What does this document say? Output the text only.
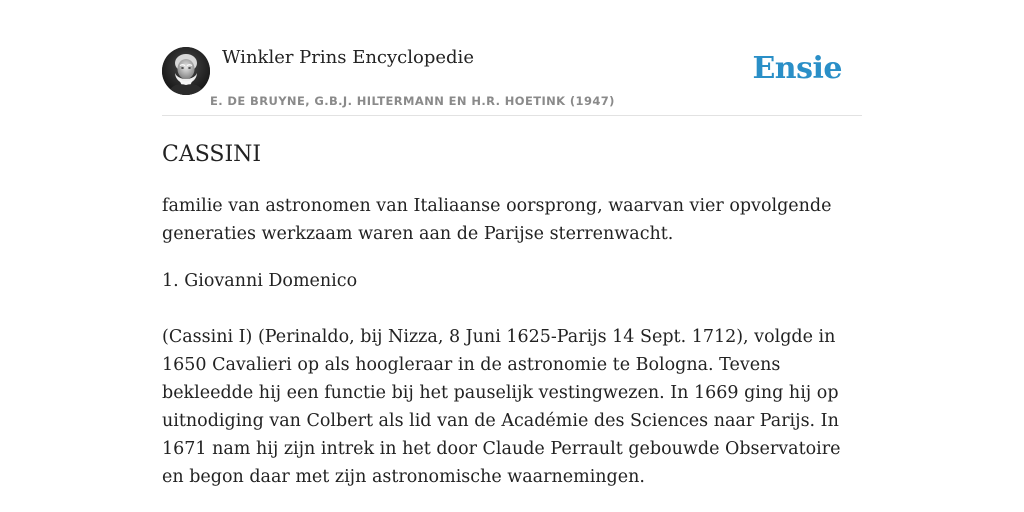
Winkler Prins Encyclopedie
E. DE BRUYNE, G.B.J. HILTERMANN EN H.R. HOETINK (1947)
Ensie
CASSINI

familie van astronomen van Italiaanse oorsprong, waarvan vier opvolgende generaties werkzaam waren aan de Parijse sterrenwacht.

1. Giovanni Domenico

(Cassini I) (Perinaldo, bij Nizza, 8 Juni 1625-Parijs 14 Sept. 1712), volgde in 1650 Cavalieri op als hoogleraar in de astronomie te Bologna. Tevens bekleedde hij een functie bij het pauselijk vestingwezen. In 1669 ging hij op uitnodiging van Colbert als lid van de Académie des Sciences naar Parijs. In 1671 nam hij zijn intrek in het door Claude Perrault gebouwde Observatoire en begon daar met zijn astronomische waarnemingen.
